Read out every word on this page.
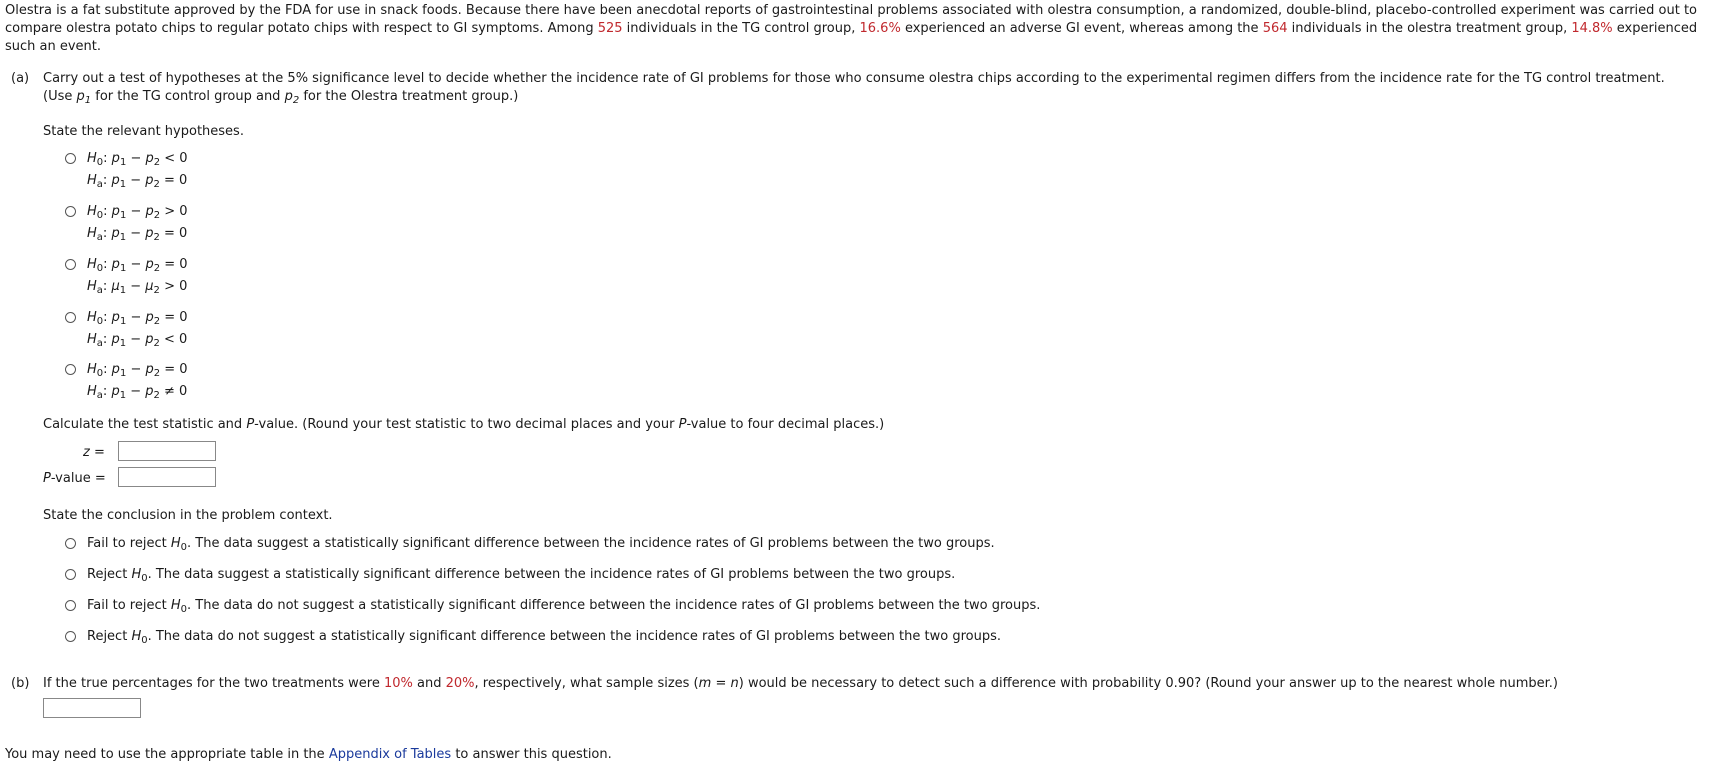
Olestra is a fat substitute approved by the FDA for use in snack foods. Because there have been anecdotal reports of gastrointestinal problems associated with olestra consumption, a randomized, double-blind, placebo-controlled experiment was carried out to compare olestra potato chips to regular potato chips with respect to GI symptoms. Among 525 individuals in the TG control group, 16.6% experienced an adverse GI event, whereas among the 564 individuals in the olestra treatment group, 14.8% experienced such an event.
(a) Carry out a test of hypotheses at the 5% significance level to decide whether the incidence rate of GI problems for those who consume olestra chips according to the experimental regimen differs from the incidence rate for the TG control treatment.
(Use $p_1$ for the TG control group and $p_2$ for the Olestra treatment group.)
State the relevant hypotheses.
$H_0$: $p_1 - p_2 < 0$
$H_a$: $p_1 - p_2 = 0$
$H_0$: $p_1 - p_2 > 0$
$H_a$: $p_1 - p_2 = 0$
$H_0$: $p_1 - p_2 = 0$
$H_a$: $\mu_1 - \mu_2 > 0$
$H_0$: $p_1 - p_2 = 0$
$H_a$: $p_1 - p_2 < 0$
$H_0$: $p_1 - p_2 = 0$
$H_a$: $p_1 - p_2 \ne 0$
Calculate the test statistic and P-value. (Round your test statistic to two decimal places and your P-value to four decimal places.)
z =
P-value =
State the conclusion in the problem context.
Fail to reject $H_0$. The data suggest a statistically significant difference between the incidence rates of GI problems between the two groups.
Reject $H_0$. The data suggest a statistically significant difference between the incidence rates of GI problems between the two groups.
Fail to reject $H_0$. The data do not suggest a statistically significant difference between the incidence rates of GI problems between the two groups.
Reject $H_0$. The data do not suggest a statistically significant difference between the incidence rates of GI problems between the two groups.
(b) If the true percentages for the two treatments were 10% and 20%, respectively, what sample sizes (m = n) would be necessary to detect such a difference with probability 0.90? (Round your answer up to the nearest whole number.)
You may need to use the appropriate table in the Appendix of Tables to answer this question.
